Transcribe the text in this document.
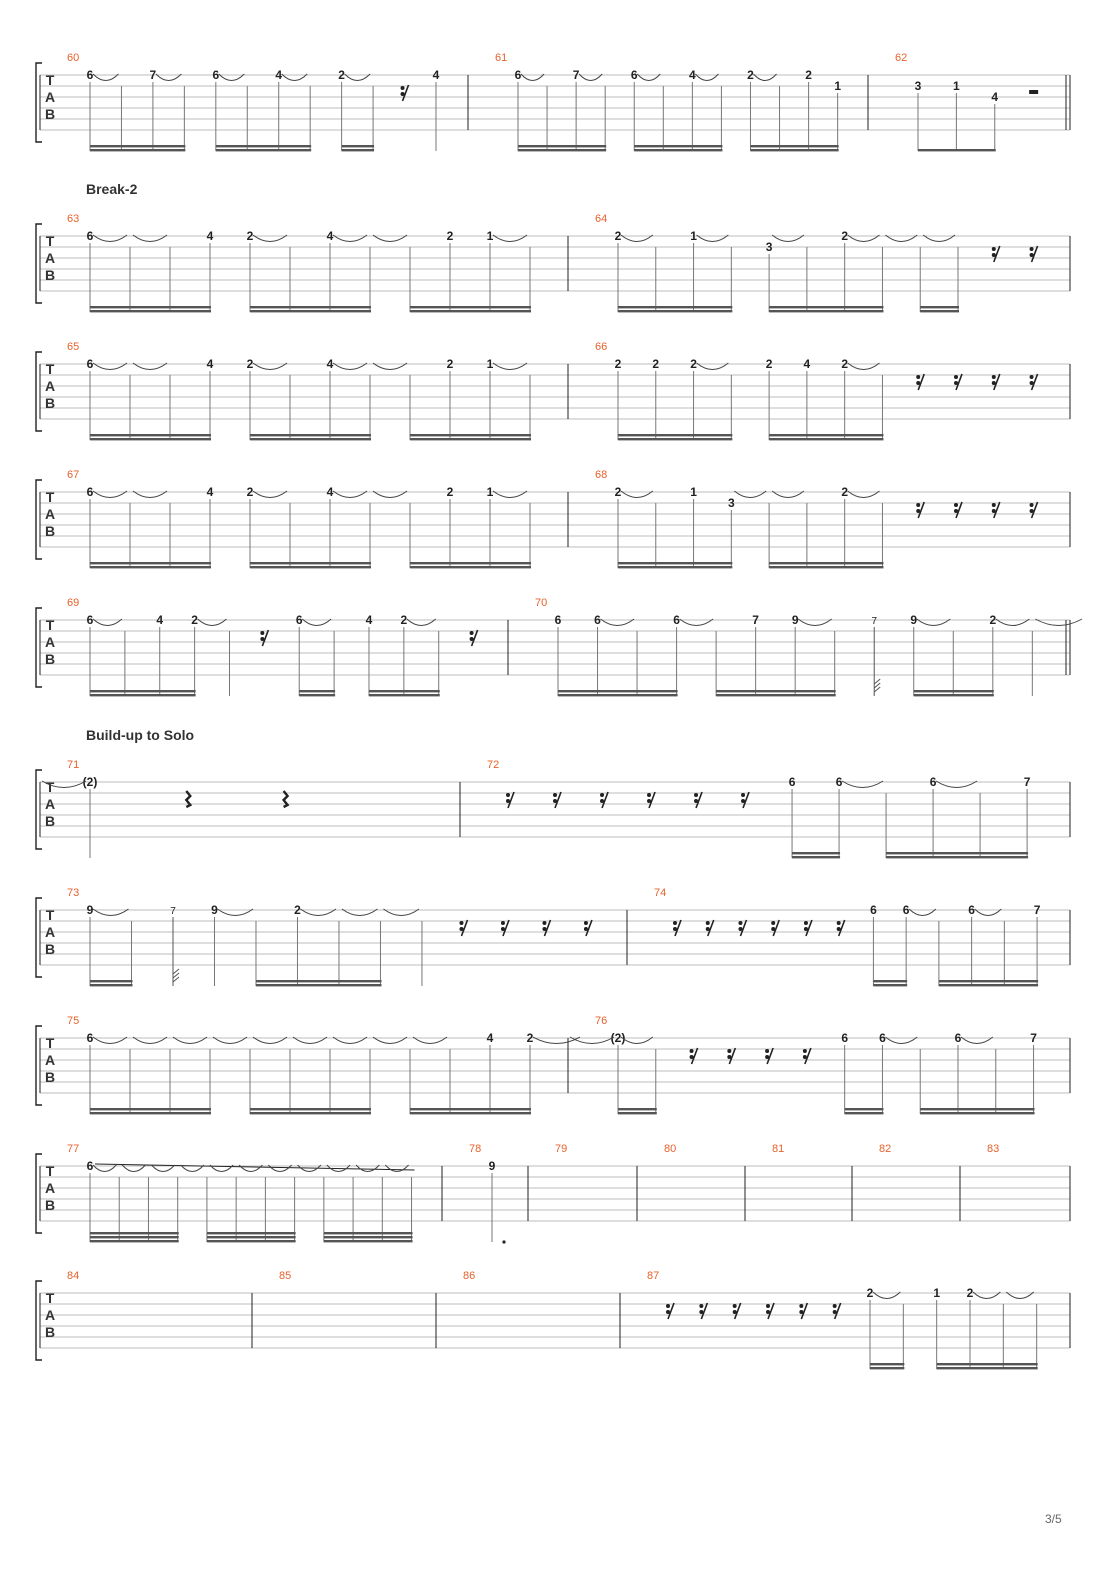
T
A
B
60
6	7	6	4	2	4
61
6	7	6	4	2	2
1
62
3	1
4
T
A
B
63
6	4	2	4	2	1
64
2	1
3
2
T
A
B
65
6	4	2	4	2	1
66
2	2	2	2	4	2
T
A
B
67
6	4	2	4	2	1
68
2	1
3
2
T
A
B
69
6	4 2	6	4 2
70
6	6	6	7	9	7	9	2
T
A
B
71
(2)
72
6	6	6	7
T
A
B
73
9	7	9	2
74
6 6	6	7
T
A
B
75
6	4	2
76
(2)	6	6	6	7
T
A
B
77
6
78
9
79	80	81	82	83
T
A
B
84	85	86	87
2	1 2
Break-2
Build-up to Solo
3/5
